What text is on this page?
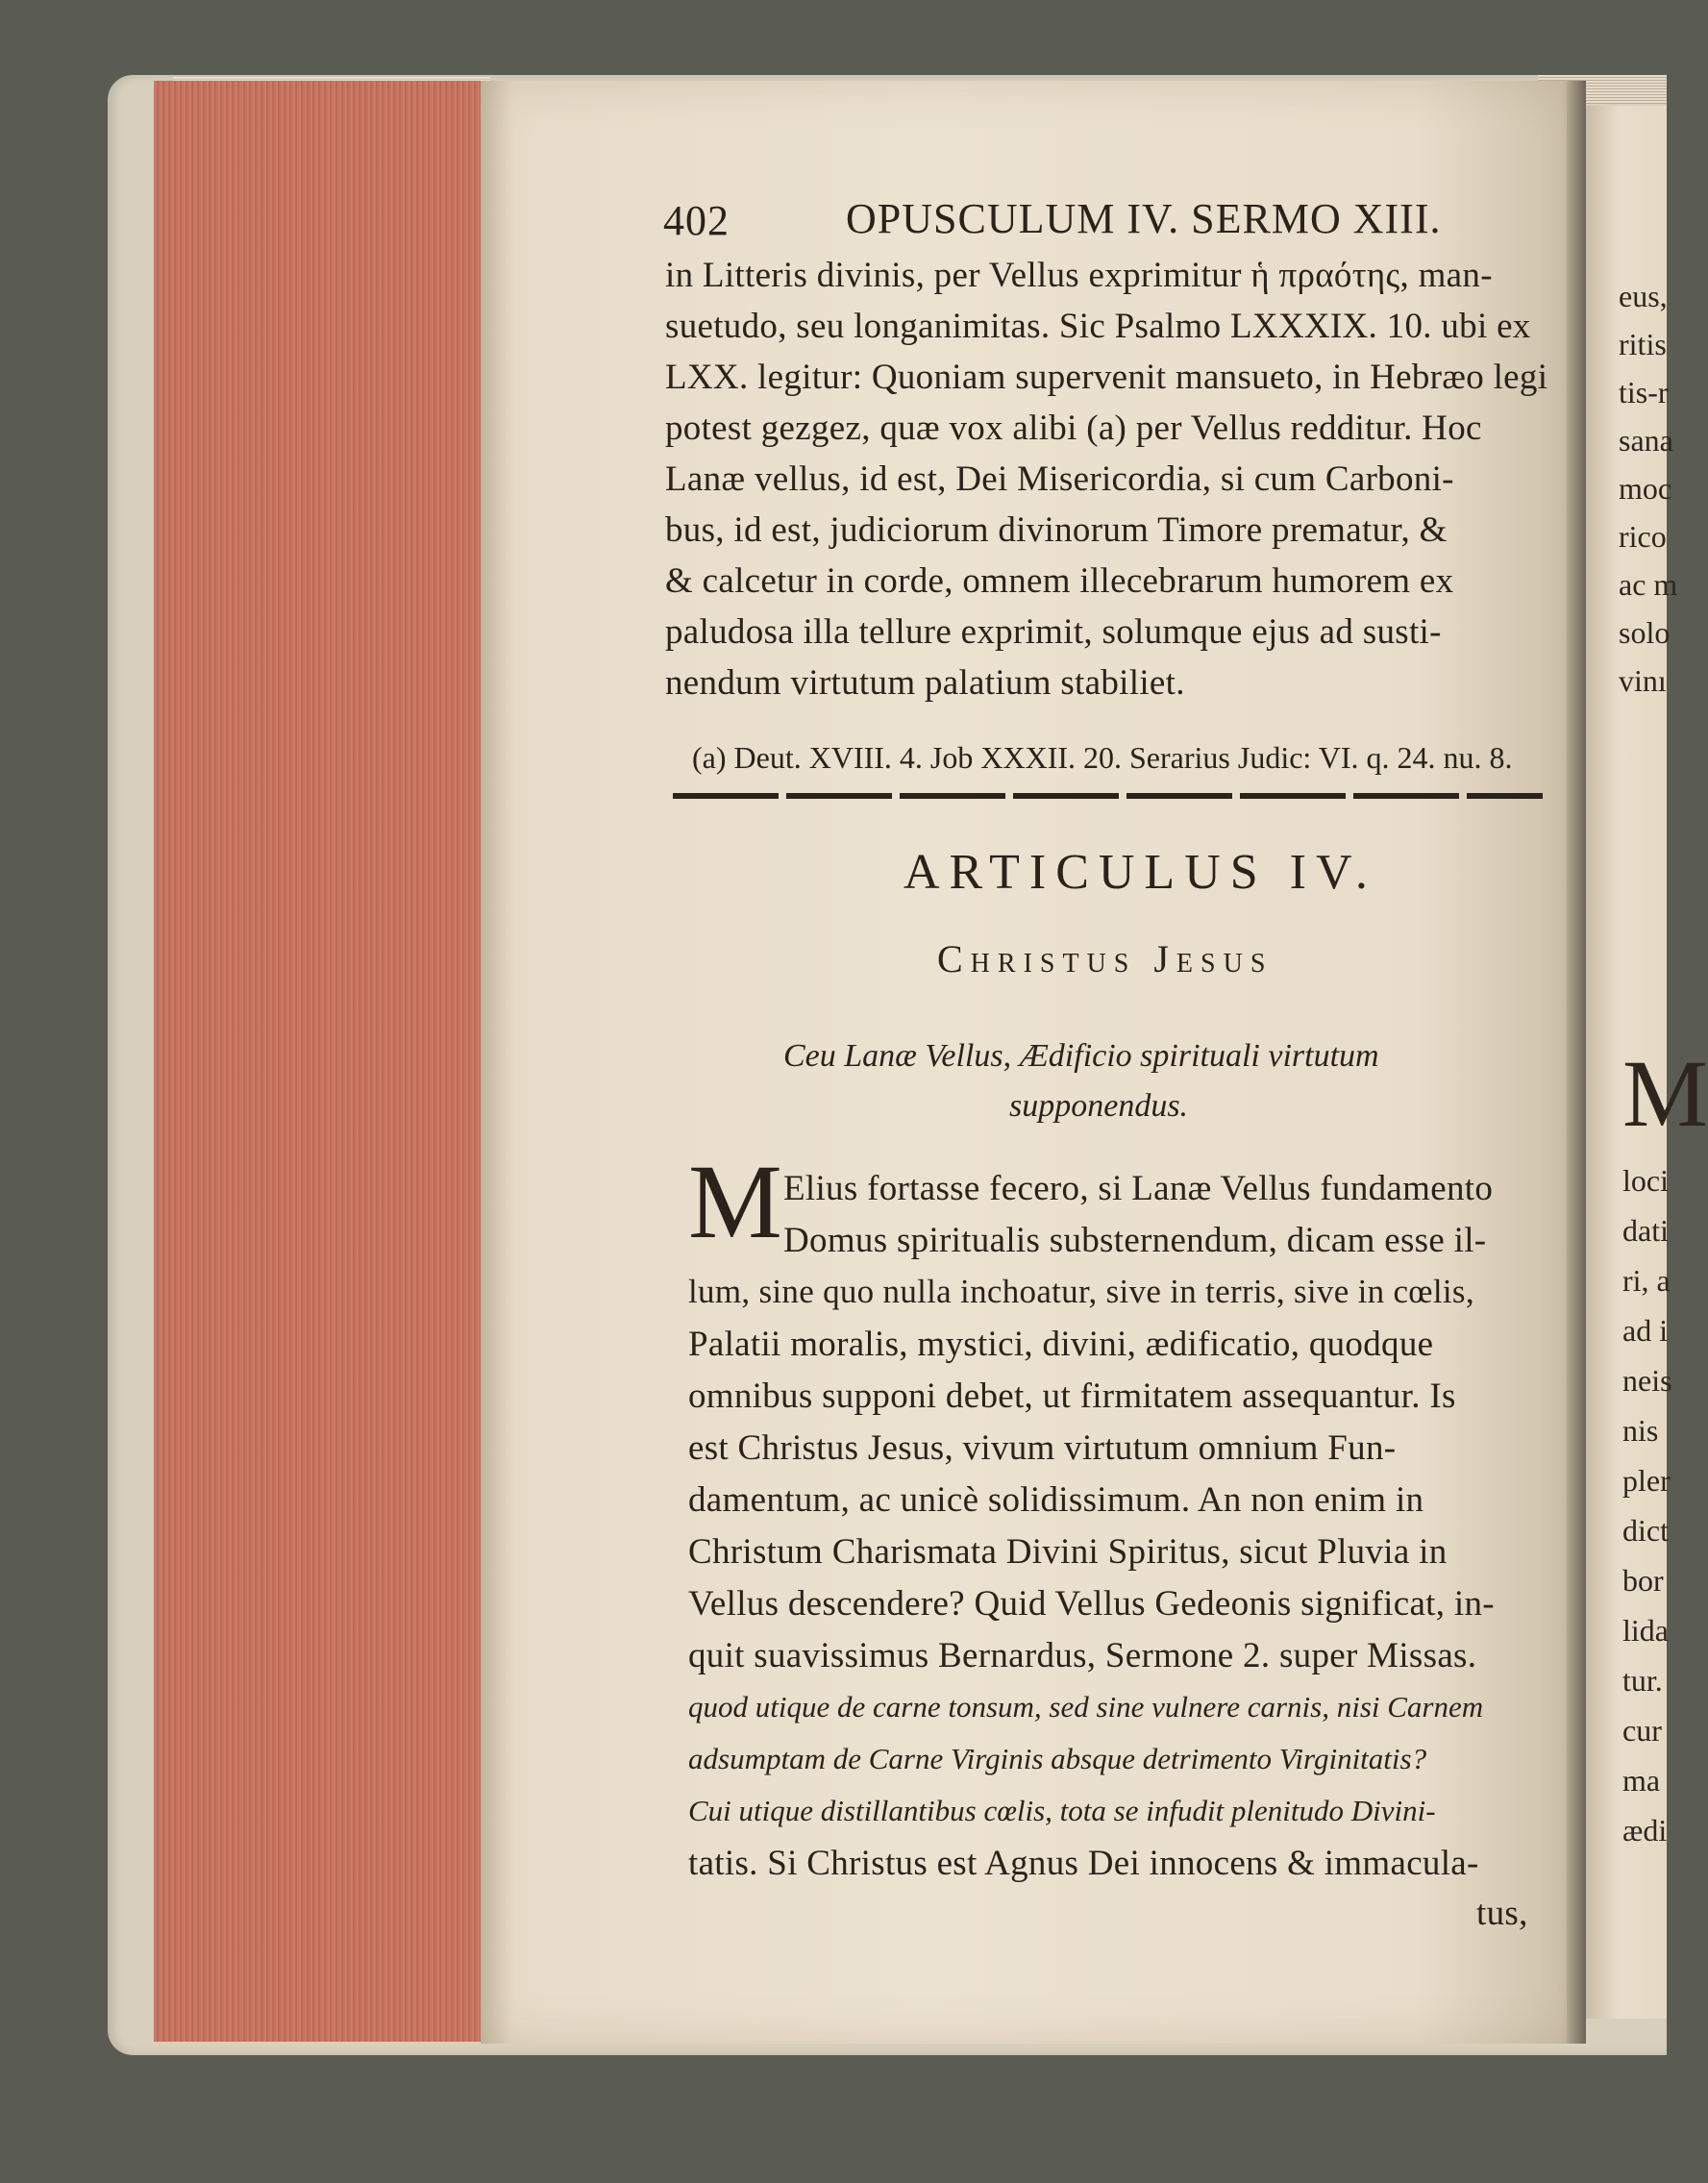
402	OPUSCULUM IV. SERMO XIII.
in Litteris divinis, per Vellus exprimitur ἡ πραότης, man-
suetudo, seu longanimitas. Sic Psalmo LXXXIX. 10. ubi ex
LXX. legitur: Quoniam supervenit mansueto, in Hebræo legi
potest gezgez, quæ vox alibi (a) per Vellus redditur. Hoc
Lanæ vellus, id est, Dei Misericordia, si cum Carboni-
bus, id est, judiciorum divinorum Timore prematur, &
& calcetur in corde, omnem illecebrarum humorem ex
paludosa illa tellure exprimit, solumque ejus ad susti-
nendum virtutum palatium stabiliet.
(a) Deut. XVIII. 4. Job XXXII. 20. Serarius Judic: VI. q. 24. nu. 8.
ARTICULUS IV.
Christus Jesus
Ceu Lanæ Vellus, Ædificio spirituali virtutum
supponendus.
M Elius fortasse fecero, si Lanæ Vellus fundamento
Domus spiritualis substernendum, dicam esse il-
lum, sine quo nulla inchoatur, sive in terris, sive in cœlis,
Palatii moralis, mystici, divini, ædificatio, quodque
omnibus supponi debet, ut firmitatem assequantur. Is
est Christus Jesus, vivum virtutum omnium Fun-
damentum, ac unicè solidissimum. An non enim in
Christum Charismata Divini Spiritus, sicut Pluvia in
Vellus descendere? Quid Vellus Gedeonis significat, in-
quit suavissimus Bernardus, Sermone 2. super Missas.
quod utique de carne tonsum, sed sine vulnere carnis, nisi Carnem
adsumptam de Carne Virginis absque detrimento Virginitatis?
Cui utique distillantibus cœlis, tota se infudit plenitudo Divini-
tatis. Si Christus est Agnus Dei innocens & immacula-
tus,
eus,
ritis
tis-r
sana
moc
rico
ac m
solo
vinı
M
loci
dati
ri, a
ad i
neis
nis
pler
dict
bor
lida
tur.
cur
ma
ædi
